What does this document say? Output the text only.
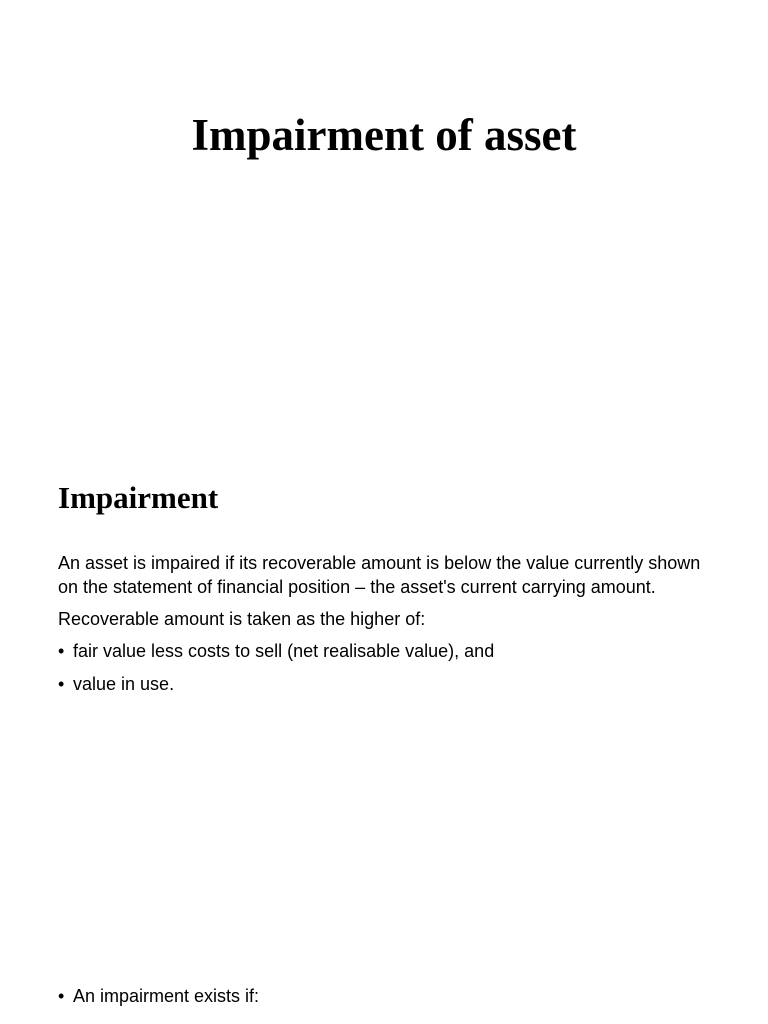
Impairment of asset
Impairment

An asset is impaired if its recoverable amount is below the value currently shown on the statement of financial position – the asset's current carrying amount.

Recoverable amount is taken as the higher of:

• fair value less costs to sell (net realisable value), and
• value in use.
• An impairment exists if:
